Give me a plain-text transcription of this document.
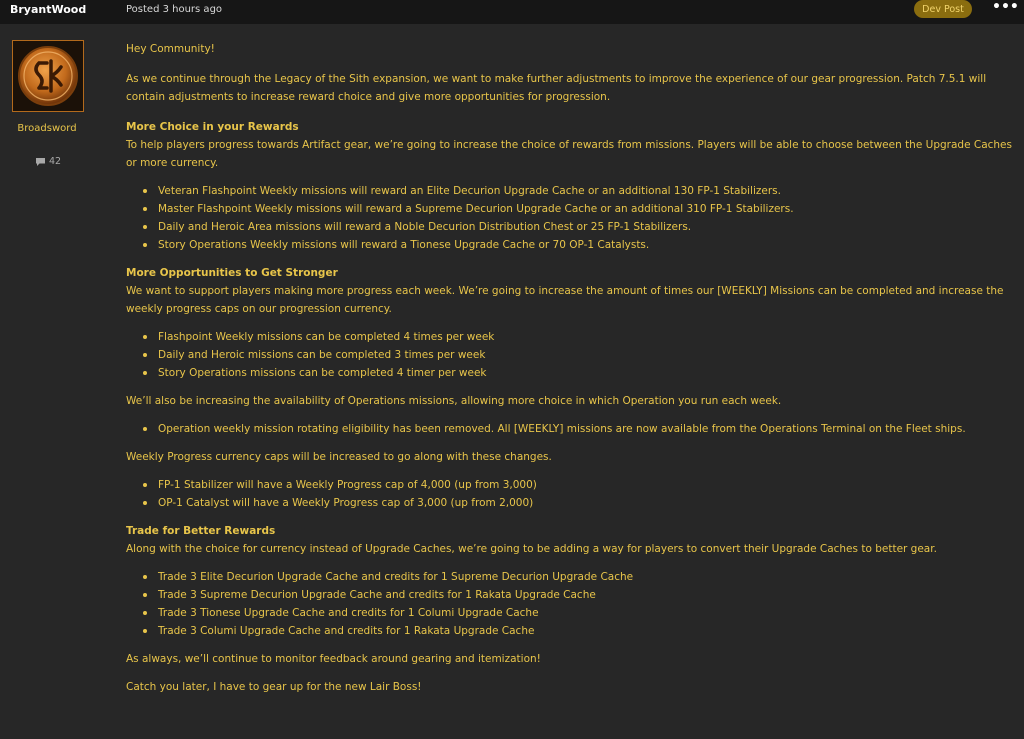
BryantWood	Posted 3 hours ago	Dev Post	•••
Broadsword
42

Hey Community!

As we continue through the Legacy of the Sith expansion, we want to make further adjustments to improve the experience of our gear progression. Patch 7.5.1 will contain adjustments to increase reward choice and give more opportunities for progression.

More Choice in your Rewards

To help players progress towards Artifact gear, we’re going to increase the choice of rewards from missions. Players will be able to choose between the Upgrade Caches or more currency.

Veteran Flashpoint Weekly missions will reward an Elite Decurion Upgrade Cache or an additional 130 FP-1 Stabilizers.
Master Flashpoint Weekly missions will reward a Supreme Decurion Upgrade Cache or an additional 310 FP-1 Stabilizers.
Daily and Heroic Area missions will reward a Noble Decurion Distribution Chest or 25 FP-1 Stabilizers.
Story Operations Weekly missions will reward a Tionese Upgrade Cache or 70 OP-1 Catalysts.

More Opportunities to Get Stronger

We want to support players making more progress each week. We’re going to increase the amount of times our [WEEKLY] Missions can be completed and increase the weekly progress caps on our progression currency.

Flashpoint Weekly missions can be completed 4 times per week
Daily and Heroic missions can be completed 3 times per week
Story Operations missions can be completed 4 timer per week

We’ll also be increasing the availability of Operations missions, allowing more choice in which Operation you run each week.

Operation weekly mission rotating eligibility has been removed. All [WEEKLY] missions are now available from the Operations Terminal on the Fleet ships.

Weekly Progress currency caps will be increased to go along with these changes.

FP-1 Stabilizer will have a Weekly Progress cap of 4,000 (up from 3,000)
OP-1 Catalyst will have a Weekly Progress cap of 3,000 (up from 2,000)

Trade for Better Rewards

Along with the choice for currency instead of Upgrade Caches, we’re going to be adding a way for players to convert their Upgrade Caches to better gear.

Trade 3 Elite Decurion Upgrade Cache and credits for 1 Supreme Decurion Upgrade Cache
Trade 3 Supreme Decurion Upgrade Cache and credits for 1 Rakata Upgrade Cache
Trade 3 Tionese Upgrade Cache and credits for 1 Columi Upgrade Cache
Trade 3 Columi Upgrade Cache and credits for 1 Rakata Upgrade Cache

As always, we’ll continue to monitor feedback around gearing and itemization!

Catch you later, I have to gear up for the new Lair Boss!
